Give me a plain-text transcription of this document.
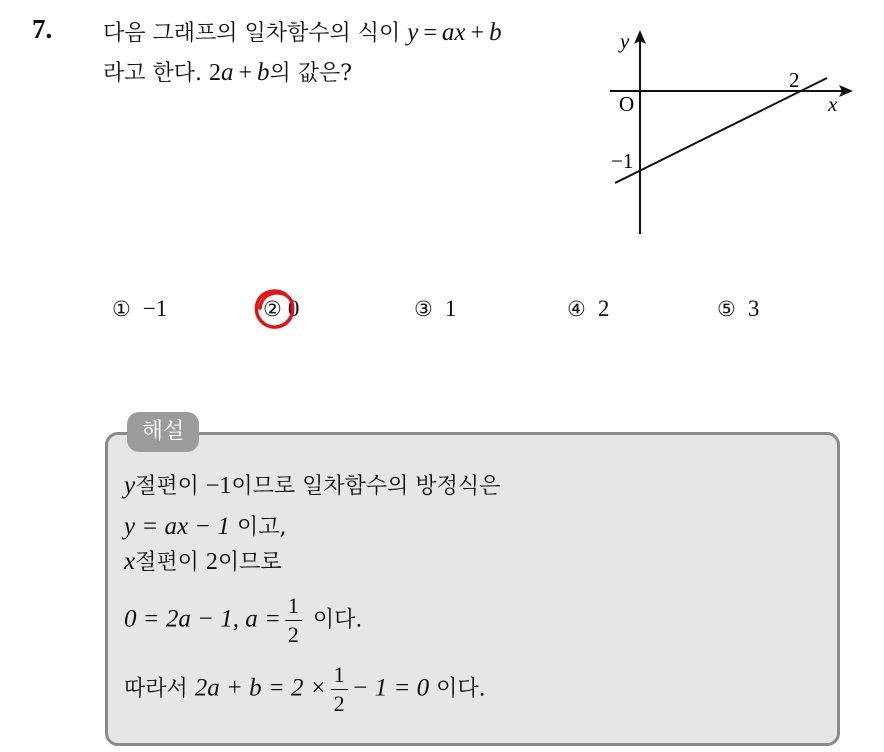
7. 다음 그래프의 일차함수의 식이 y = ax + b
라고 한다. 2a + b의 값은?
y
x
O
2
−1
① −1	② 0	③ 1	④ 2	⑤ 3
해설
y절편이 −1이므로 일차함수의 방정식은
y = ax − 1 이고,
x절편이 2이므로
0 = 2a − 1, $a = \frac{1}{2}$ 이다.
따라서 $2a + b = 2 \times \frac{1}{2} - 1 = 0$ 이다.
